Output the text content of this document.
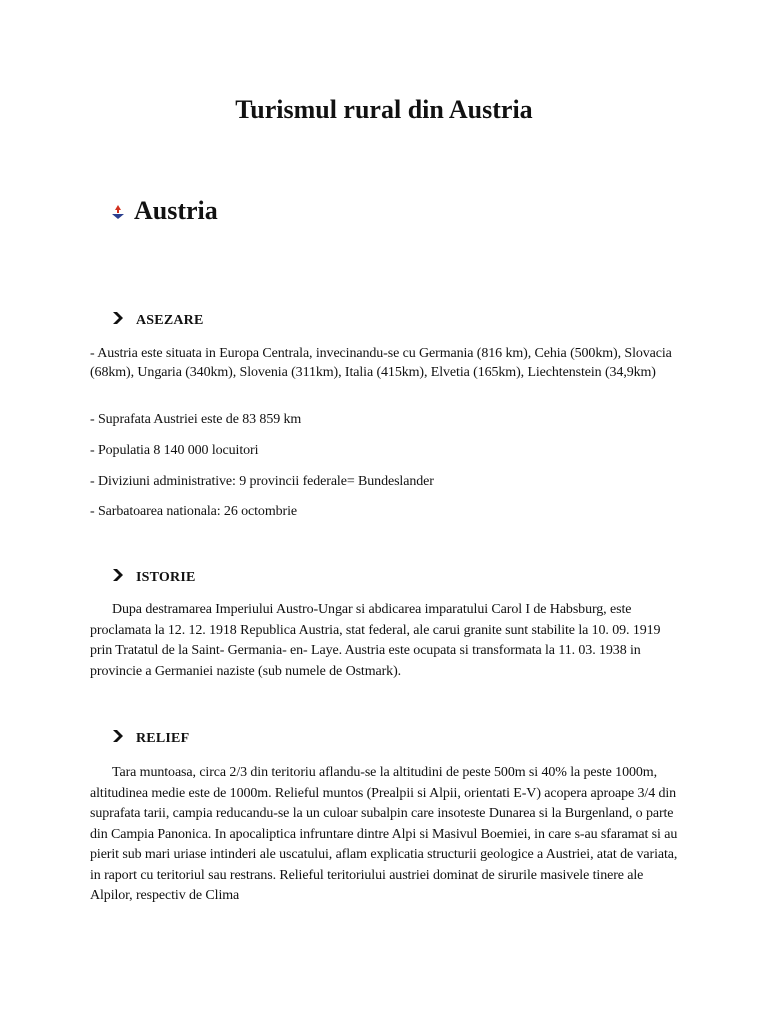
Turismul rural din Austria
Austria
ASEZARE

- Austria este situata in Europa Centrala, invecinandu-se cu Germania (816 km), Cehia (500km), Slovacia (68km), Ungaria (340km), Slovenia (311km), Italia (415km), Elvetia (165km), Liechtenstein (34,9km)

- Suprafata Austriei este de 83 859 km

- Populatia 8 140 000 locuitori

- Diviziuni administrative: 9 provincii federale= Bundeslander

- Sarbatoarea nationala: 26 octombrie

ISTORIE

Dupa destramarea Imperiului Austro-Ungar si abdicarea imparatului Carol I de Habsburg, este proclamata la 12. 12. 1918 Republica Austria, stat federal, ale carui granite sunt stabilite la 10. 09. 1919 prin Tratatul de la Saint- Germania- en- Laye. Austria este ocupata si transformata la 11. 03. 1938 in provincie a Germaniei naziste (sub numele de Ostmark).

RELIEF

Tara muntoasa, circa 2/3 din teritoriu aflandu-se la altitudini de peste 500m si 40% la peste 1000m, altitudinea medie este de 1000m. Relieful muntos (Prealpii si Alpii, orientati E-V) acopera aproape 3/4 din suprafata tarii, campia reducandu-se la un culoar subalpin care insoteste Dunarea si la Burgenland, o parte din Campia Panonica. In apocaliptica infruntare dintre Alpi si Masivul Boemiei, in care s-au sfaramat si au pierit sub mari uriase intinderi ale uscatului, aflam explicatia structurii geologice a Austriei, atat de variata, in raport cu teritoriul sau restrans. Relieful teritoriului austriei dominat de sirurile masivele tinere ale Alpilor, respectiv de Clima
